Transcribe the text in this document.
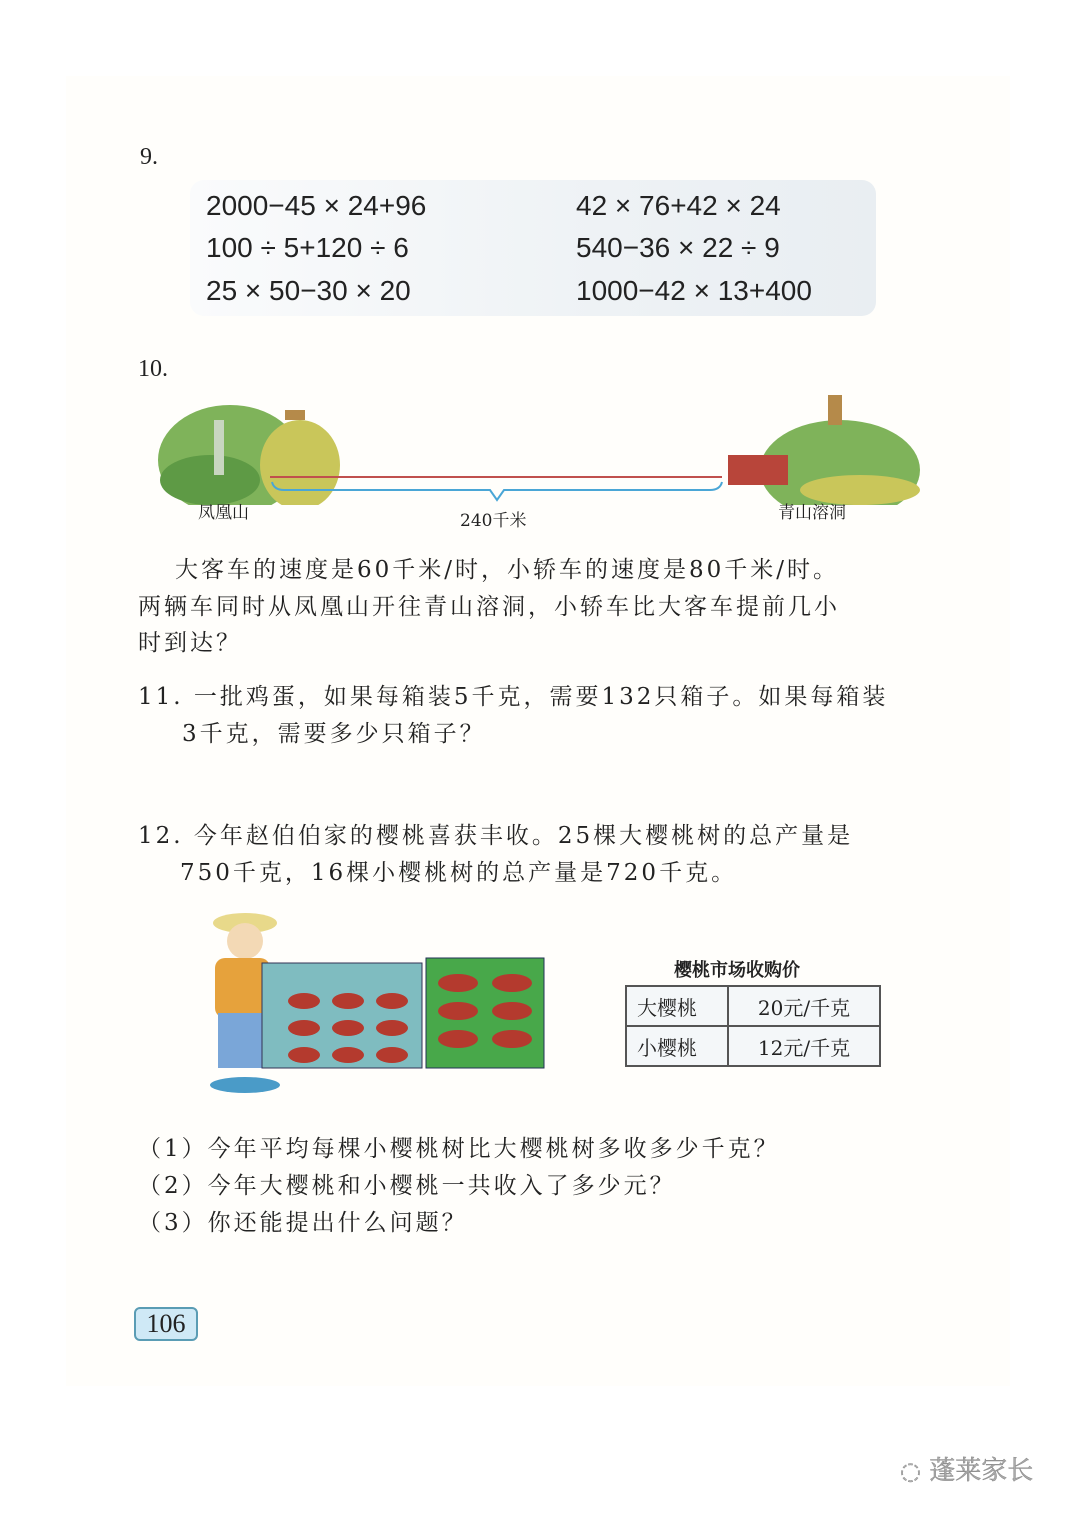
9.
2000−45 × 24+96	42 × 76+42 × 24
100 ÷ 5+120 ÷ 6	540−36 × 22 ÷ 9
25 × 50−30 × 20	1000−42 × 13+400
10.
凤凰山	240千米	青山溶洞
大客车的速度是60千米/时，小轿车的速度是80千米/时。
两辆车同时从凤凰山开往青山溶洞，小轿车比大客车提前几小
时到达？
11. 一批鸡蛋，如果每箱装5千克，需要132只箱子。如果每箱装
3千克，需要多少只箱子？
12. 今年赵伯伯家的樱桃喜获丰收。25棵大樱桃树的总产量是
750千克，16棵小樱桃树的总产量是720千克。
樱桃市场收购价
大樱桃	20元/千克
小樱桃	12元/千克
（1）今年平均每棵小樱桃树比大樱桃树多收多少千克？
（2）今年大樱桃和小樱桃一共收入了多少元？
（3）你还能提出什么问题？
106
◌ 蓬莱家长
